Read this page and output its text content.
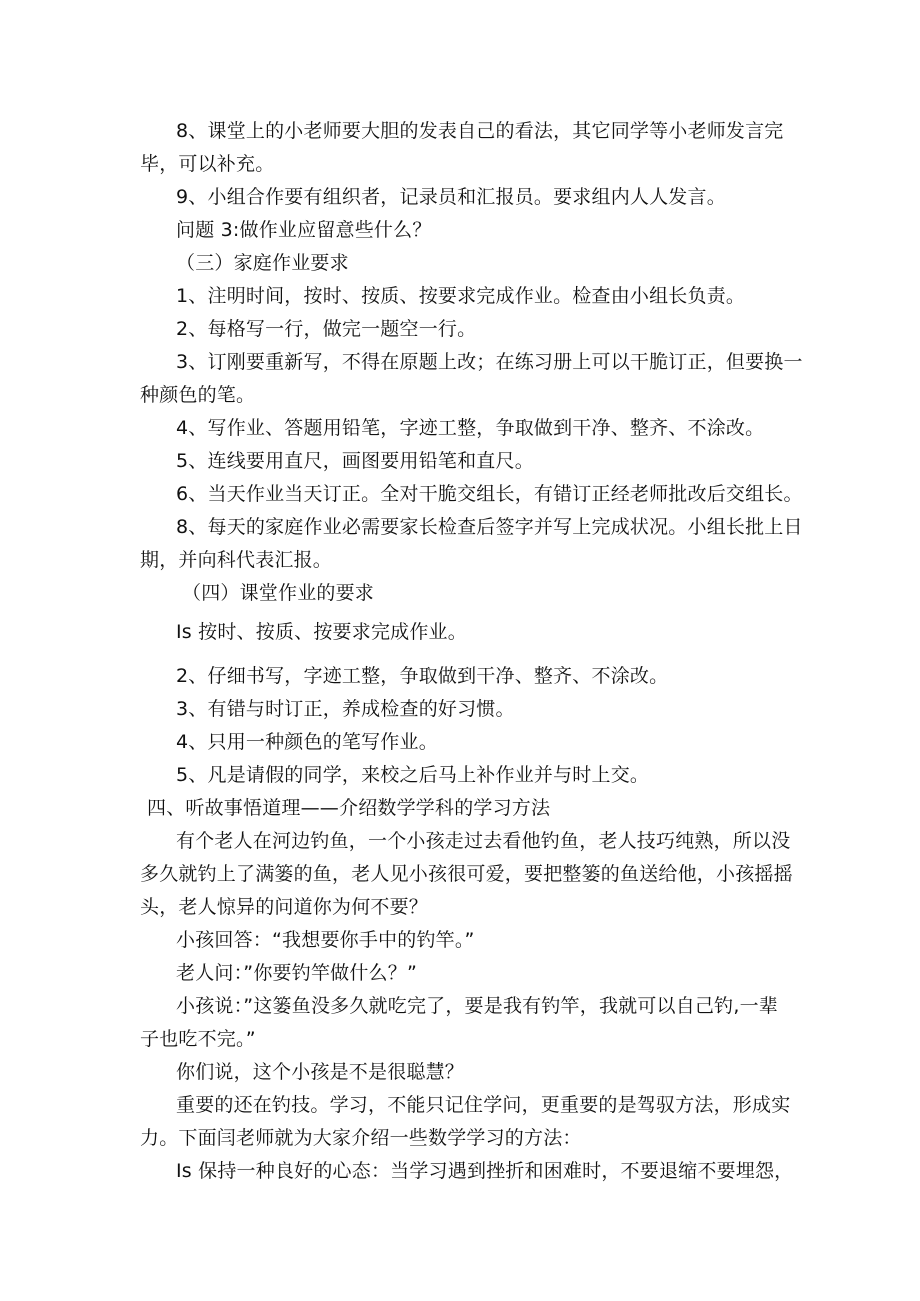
8、课堂上的小老师要大胆的发表自己的看法，其它同学等小老师发言完
毕，可以补充。
9、小组合作要有组织者，记录员和汇报员。要求组内人人发言。
问题 3:做作业应留意些什么？
（三）家庭作业要求
1、注明时间，按时、按质、按要求完成作业。检查由小组长负责。
2、每格写一行，做完一题空一行。
3、订刚要重新写，不得在原题上改；在练习册上可以干脆订正，但要换一
种颜色的笔。
4、写作业、答题用铅笔，字迹工整，争取做到干净、整齐、不涂改。
5、连线要用直尺，画图要用铅笔和直尺。
6、当天作业当天订正。全对干脆交组长，有错订正经老师批改后交组长。
8、每天的家庭作业必需要家长检查后签字并写上完成状况。小组长批上日
期，并向科代表汇报。
（四）课堂作业的要求
Is 按时、按质、按要求完成作业。
2、仔细书写，字迹工整，争取做到干净、整齐、不涂改。
3、有错与时订正，养成检查的好习惯。
4、只用一种颜色的笔写作业。
5、凡是请假的同学，来校之后马上补作业并与时上交。
四、听故事悟道理——介绍数学学科的学习方法
有个老人在河边钓鱼，一个小孩走过去看他钓鱼，老人技巧纯熟，所以没
多久就钓上了满篓的鱼，老人见小孩很可爱，要把整篓的鱼送给他，小孩摇摇
头，老人惊异的问道你为何不要？
小孩回答：“我想要你手中的钓竿。”
老人问：”你要钓竿做什么？”
小孩说：”这篓鱼没多久就吃完了，要是我有钓竿，我就可以自己钓,一辈
子也吃不完。”
你们说，这个小孩是不是很聪慧？
重要的还在钓技。学习，不能只记住学问，更重要的是驾驭方法，形成实
力。下面闫老师就为大家介绍一些数学学习的方法：
Is 保持一种良好的心态：当学习遇到挫折和困难时，不要退缩不要埋怨，
